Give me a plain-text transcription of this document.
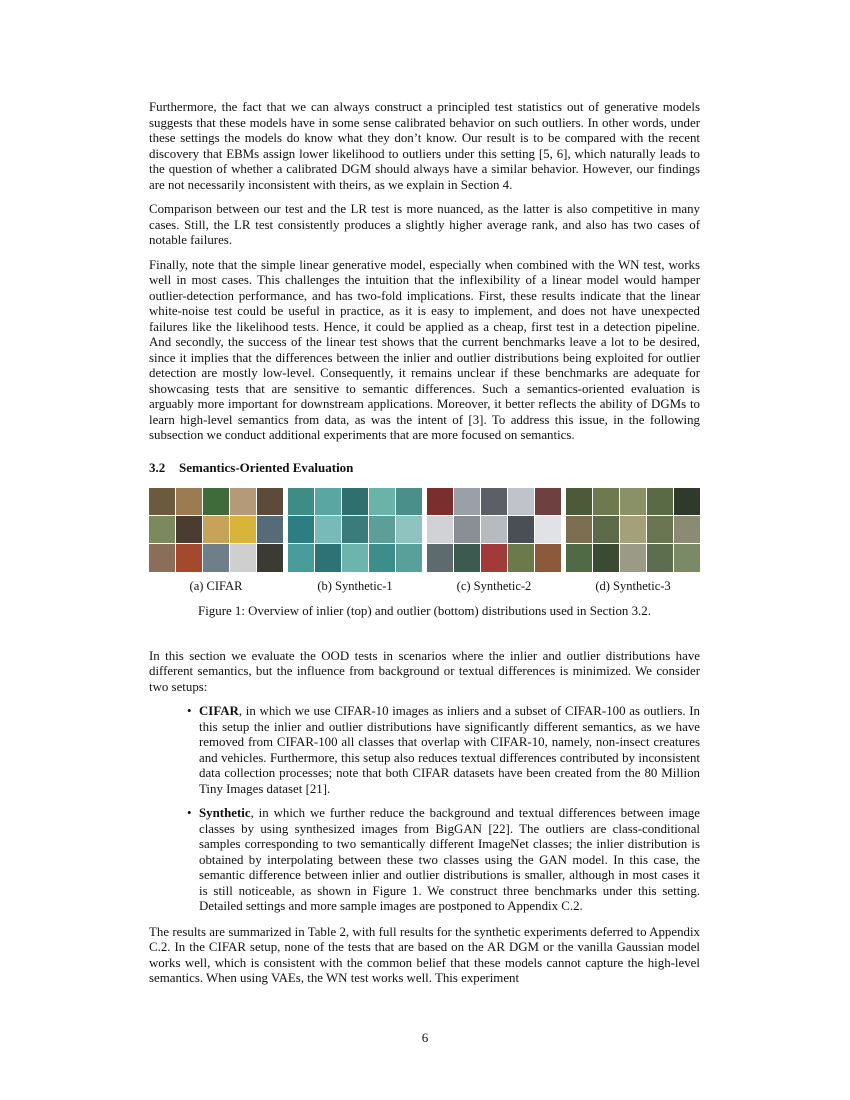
Furthermore, the fact that we can always construct a principled test statistics out of generative models suggests that these models have in some sense calibrated behavior on such outliers. In other words, under these settings the models do know what they don’t know. Our result is to be compared with the recent discovery that EBMs assign lower likelihood to outliers under this setting [5, 6], which naturally leads to the question of whether a calibrated DGM should always have a similar behavior. However, our findings are not necessarily inconsistent with theirs, as we explain in Section 4.

Comparison between our test and the LR test is more nuanced, as the latter is also competitive in many cases. Still, the LR test consistently produces a slightly higher average rank, and also has two cases of notable failures.

Finally, note that the simple linear generative model, especially when combined with the WN test, works well in most cases. This challenges the intuition that the inflexibility of a linear model would hamper outlier-detection performance, and has two-fold implications. First, these results indicate that the linear white-noise test could be useful in practice, as it is easy to implement, and does not have unexpected failures like the likelihood tests. Hence, it could be applied as a cheap, first test in a detection pipeline. And secondly, the success of the linear test shows that the current benchmarks leave a lot to be desired, since it implies that the differences between the inlier and outlier distributions being exploited for outlier detection are mostly low-level. Consequently, it remains unclear if these benchmarks are adequate for showcasing tests that are sensitive to semantic differences. Such a semantics-oriented evaluation is arguably more important for downstream applications. Moreover, it better reflects the ability of DGMs to learn high-level semantics from data, as was the intent of [3]. To address this issue, in the following subsection we conduct additional experiments that are more focused on semantics.

3.2	Semantics-Oriented Evaluation
(a) CIFAR	(b) Synthetic-1	(c) Synthetic-2	(d) Synthetic-3
Figure 1: Overview of inlier (top) and outlier (bottom) distributions used in Section 3.2.

In this section we evaluate the OOD tests in scenarios where the inlier and outlier distributions have different semantics, but the influence from background or textual differences is minimized. We consider two setups:

• CIFAR, in which we use CIFAR-10 images as inliers and a subset of CIFAR-100 as outliers. In this setup the inlier and outlier distributions have significantly different semantics, as we have removed from CIFAR-100 all classes that overlap with CIFAR-10, namely, non-insect creatures and vehicles. Furthermore, this setup also reduces textual differences contributed by inconsistent data collection processes; note that both CIFAR datasets have been created from the 80 Million Tiny Images dataset [21].
• Synthetic, in which we further reduce the background and textual differences between image classes by using synthesized images from BigGAN [22]. The outliers are class-conditional samples corresponding to two semantically different ImageNet classes; the inlier distribution is obtained by interpolating between these two classes using the GAN model. In this case, the semantic difference between inlier and outlier distributions is smaller, although in most cases it is still noticeable, as shown in Figure 1. We construct three benchmarks under this setting. Detailed settings and more sample images are postponed to Appendix C.2.

The results are summarized in Table 2, with full results for the synthetic experiments deferred to Appendix C.2. In the CIFAR setup, none of the tests that are based on the AR DGM or the vanilla Gaussian model works well, which is consistent with the common belief that these models cannot capture the high-level semantics. When using VAEs, the WN test works well. This experiment

6
